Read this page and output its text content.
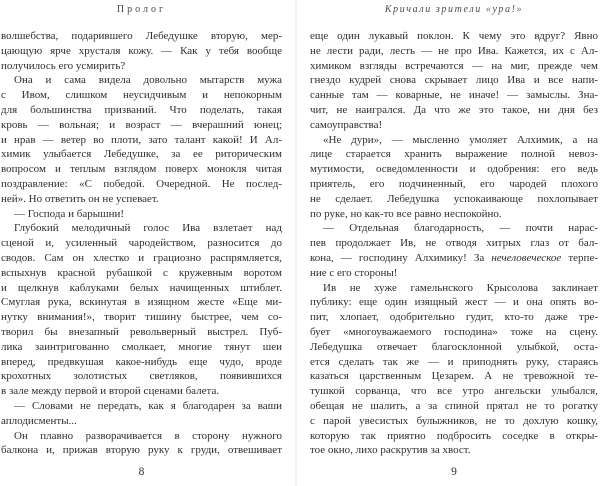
Пролог
волшебства, подарившего Лебедушке вторую, мер-
цающую ярче хрусталя кожу. — Как у тебя вообще
получилось его усмирить?
Она и сама видела довольно мытарств мужа
с Ивом, слишком неусидчивым и непокорным
для большинства призваний. Что поделать, такая
кровь — вольная; и возраст — вчерашний юнец;
и нрав — ветер во плоти, зато талант какой! И Ал-
химик улыбается Лебедушке, за ее риторическим
вопросом и теплым взглядом поверх монокля читая
поздравление: «С победой. Очередной. Не послед-
ней». Но ответить он не успевает.
— Господа и барышни!
Глубокий мелодичный голос Ива взлетает над
сценой и, усиленный чародейством, разносится до
сводов. Сам он хлестко и грациозно распрямляется,
вспыхнув красной рубашкой с кружевным воротом
и щелкнув каблуками белых начищенных штиблет.
Смуглая рука, вскинутая в изящном жесте «Еще ми-
нутку внимания!», творит тишину быстрее, чем со-
творил бы внезапный револьверный выстрел. Пуб-
лика заинтригованно смолкает, многие тянут шеи
вперед, предвкушая какое-нибудь еще чудо, вроде
крохотных золотистых светляков, появившихся
в зале между первой и второй сценами балета.
— Словами не передать, как я благодарен за ваши
аплодисменты...
Он плавно разворачивается в сторону нужного
балкона и, прижав вторую руку к груди, отвешивает
8
Кричали зрители «ура!»
еще один лукавый поклон. К чему это вдруг? Явно
не лести ради, лесть — не про Ива. Кажется, их с Ал-
химиком взгляды встречаются — на миг, прежде чем
гнездо кудрей снова скрывает лицо Ива и все напи-
санные там — коварные, не иначе! — замыслы. Зна-
чит, не наигрался. Да что же это такое, ни дня без
самоуправства!
«Не дури», — мысленно умоляет Алхимик, а на
лице старается хранить выражение полной невоз-
мутимости, осведомленности и одобрения: его ведь
приятель, его подчиненный, его чародей плохого
не сделает. Лебедушка успокаивающе похлопывает
по руке, но как-то все равно неспокойно.
— Отдельная благодарность, — почти нарас-
пев продолжает Ив, не отводя хитрых глаз от бал-
кона, — господину Алхимику! За нечеловеческое терпе-
ние с его стороны!
Ив не хуже гамельнского Крысолова заклинает
публику: еще один изящный жест — и она опять во-
пит, хлопает, одобрительно гудит, кто-то даже тре-
бует «многоуважаемого господина» тоже на сцену.
Лебедушка отвечает благосклонной улыбкой, оста-
ется сделать так же — и приподнять руку, стараясь
казаться царственным Цезарем. А не тревожной те-
тушкой сорванца, что все утро ангельски улыбался,
обещая не шалить, а за спиной прятал не то рогатку
с парой увесистых булыжников, не то дохлую кошку,
которую так приятно подбросить соседке в откры-
тое окно, лихо раскрутив за хвост.
9
